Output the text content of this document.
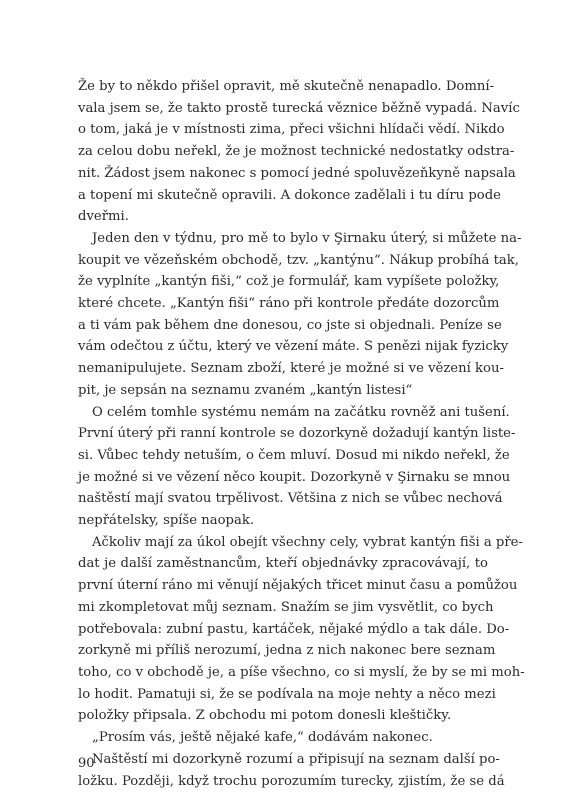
Že by to někdo přišel opravit, mě skutečně nenapadlo. Domní-
vala jsem se, že takto prostě turecká věznice běžně vypadá. Navíc
o tom, jaká je v místnosti zima, přeci všichni hlídači vědí. Nikdo
za celou dobu neřekl, že je možnost technické nedostatky odstra-
nit. Žádost jsem nakonec s pomocí jedné spoluvězeňkyně napsala
a topení mi skutečně opravili. A dokonce zadělali i tu díru pode
dveřmi.
Jeden den v týdnu, pro mě to bylo v Şirnaku úterý, si můžete na-
koupit ve vězeňském obchodě, tzv. „kantýnu“. Nákup probíhá tak,
že vyplníte „kantýn fiši,“ což je formulář, kam vypíšete položky,
které chcete. „Kantýn fiši“ ráno při kontrole předáte dozorcům
a ti vám pak během dne donesou, co jste si objednali. Peníze se
vám odečtou z účtu, který ve vězení máte. S penězi nijak fyzicky
nemanipulujete. Seznam zboží, které je možné si ve vězení kou-
pit, je sepsán na seznamu zvaném „kantýn listesi“
O celém tomhle systému nemám na začátku rovněž ani tušení.
První úterý při ranní kontrole se dozorkyně dožadují kantýn liste-
si. Vůbec tehdy netuším, o čem mluví. Dosud mi nikdo neřekl, že
je možné si ve vězení něco koupit. Dozorkyně v Şirnaku se mnou
naštěstí mají svatou trpělivost. Většina z nich se vůbec nechová
nepřátelsky, spíše naopak.
Ačkoliv mají za úkol obejít všechny cely, vybrat kantýn fiši a pře-
dat je další zaměstnancům, kteří objednávky zpracovávají, to
první úterní ráno mi věnují nějakých třicet minut času a pomůžou
mi zkompletovat můj seznam. Snažím se jim vysvětlit, co bych
potřebovala: zubní pastu, kartáček, nějaké mýdlo a tak dále. Do-
zorkyně mi příliš nerozumí, jedna z nich nakonec bere seznam
toho, co v obchodě je, a píše všechno, co si myslí, že by se mi moh-
lo hodit. Pamatuji si, že se podívala na moje nehty a něco mezi
položky připsala. Z obchodu mi potom donesli kleštičky.
„Prosím vás, ještě nějaké kafe,“ dodávám nakonec.
Naštěstí mi dozorkyně rozumí a připisují na seznam další po-
ložku. Později, když trochu porozumím turecky, zjistím, že se dá
90
